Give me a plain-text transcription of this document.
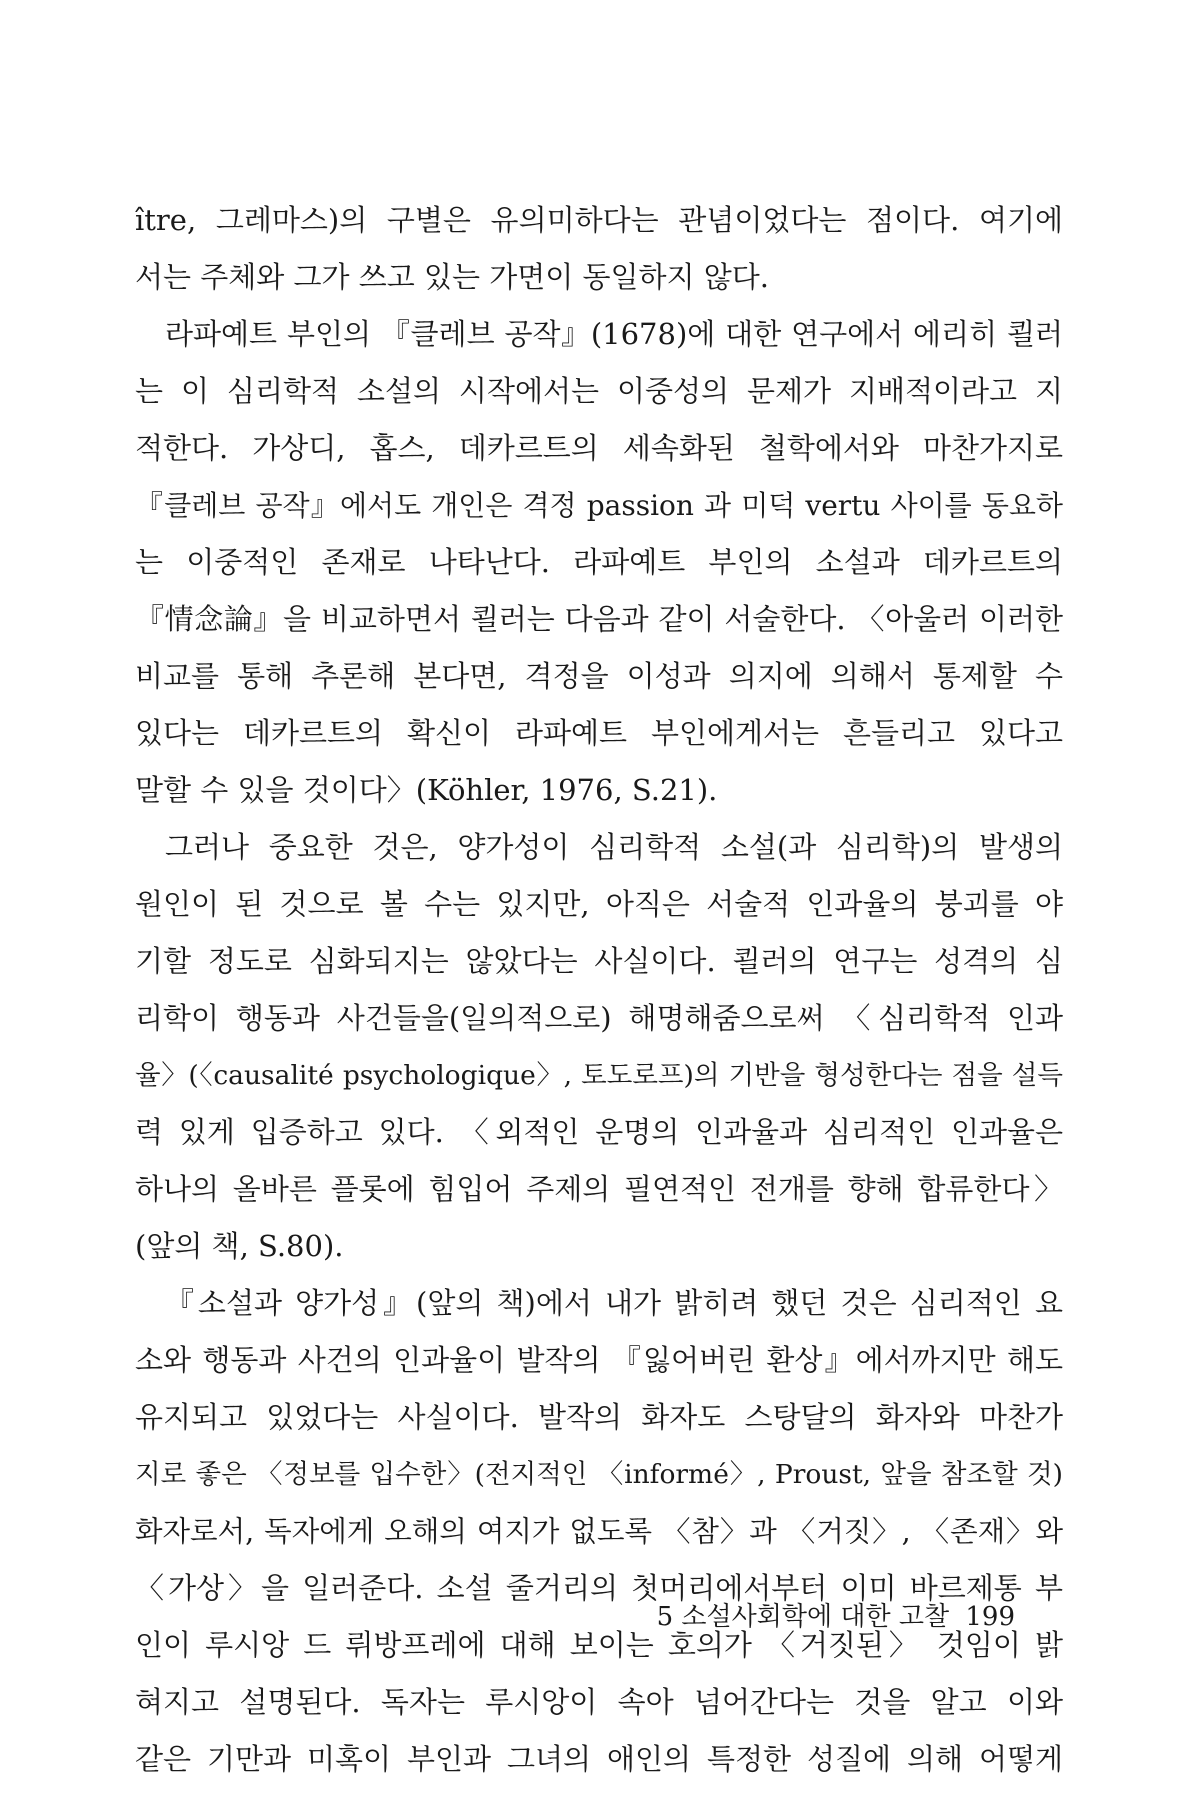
ître, 그레마스)의 구별은 유의미하다는 관념이었다는 점이다. 여기에
서는 주체와 그가 쓰고 있는 가면이 동일하지 않다.
라파예트 부인의 『클레브 공작』(1678)에 대한 연구에서 에리히 쾰러
는 이 심리학적 소설의 시작에서는 이중성의 문제가 지배적이라고 지
적한다. 가상디, 홉스, 데카르트의 세속화된 철학에서와 마찬가지로
『클레브 공작』에서도 개인은 격정 passion 과 미덕 vertu 사이를 동요하
는 이중적인 존재로 나타난다. 라파예트 부인의 소설과 데카르트의
『情念論』을 비교하면서 쾰러는 다음과 같이 서술한다. 〈아울러 이러한
비교를 통해 추론해 본다면, 격정을 이성과 의지에 의해서 통제할 수
있다는 데카르트의 확신이 라파예트 부인에게서는 흔들리고 있다고
말할 수 있을 것이다〉(Köhler, 1976, S.21).
그러나 중요한 것은, 양가성이 심리학적 소설(과 심리학)의 발생의
원인이 된 것으로 볼 수는 있지만, 아직은 서술적 인과율의 붕괴를 야
기할 정도로 심화되지는 않았다는 사실이다. 쾰러의 연구는 성격의 심
리학이 행동과 사건들을(일의적으로) 해명해줌으로써 〈심리학적 인과
율〉(〈causalité psychologique〉, 토도로프)의 기반을 형성한다는 점을 설득
력 있게 입증하고 있다. 〈외적인 운명의 인과율과 심리적인 인과율은
하나의 올바른 플롯에 힘입어 주제의 필연적인 전개를 향해 합류한다〉
(앞의 책, S.80).
『소설과 양가성』(앞의 책)에서 내가 밝히려 했던 것은 심리적인 요
소와 행동과 사건의 인과율이 발작의 『잃어버린 환상』에서까지만 해도
유지되고 있었다는 사실이다. 발작의 화자도 스탕달의 화자와 마찬가
지로 좋은 〈정보를 입수한〉(전지적인 〈informé〉, Proust, 앞을 참조할 것)
화자로서, 독자에게 오해의 여지가 없도록 〈참〉과 〈거짓〉, 〈존재〉와
〈가상〉을 일러준다. 소설 줄거리의 첫머리에서부터 이미 바르제통 부
인이 루시앙 드 뤼방프레에 대해 보이는 호의가 〈거짓된〉 것임이 밝
혀지고 설명된다. 독자는 루시앙이 속아 넘어간다는 것을 알고 이와
같은 기만과 미혹이 부인과 그녀의 애인의 특정한 성질에 의해 어떻게
5 소설사회학에 대한 고찰 199
